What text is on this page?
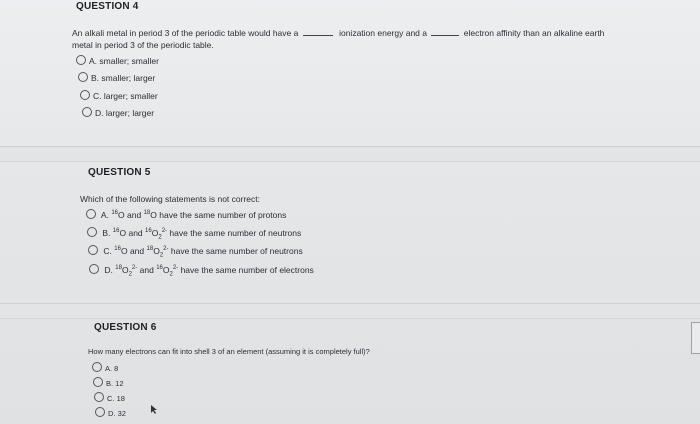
QUESTION 4
An alkali metal in period 3 of the periodic table would have a	ionization energy and a	electron affinity than an alkaline earth
metal in period 3 of the periodic table.
A. smaller; smaller
B. smaller; larger
C. larger; smaller
D. larger; larger
QUESTION 5
Which of the following statements is not correct:
A. $^{16}$O and $^{18}$O have the same number of protons
B. $^{16}$O and $^{16}O_2^{2-}$ have the same number of neutrons
C. $^{16}$O and $^{18}O_2^{2-}$ have the same number of neutrons
D. $^{18}O_2^{2-}$ and $^{16}O_2^{2-}$ have the same number of electrons
QUESTION 6
How many electrons can fit into shell 3 of an element (assuming it is completely full)?
A. 8
B. 12
C. 18
D. 32
